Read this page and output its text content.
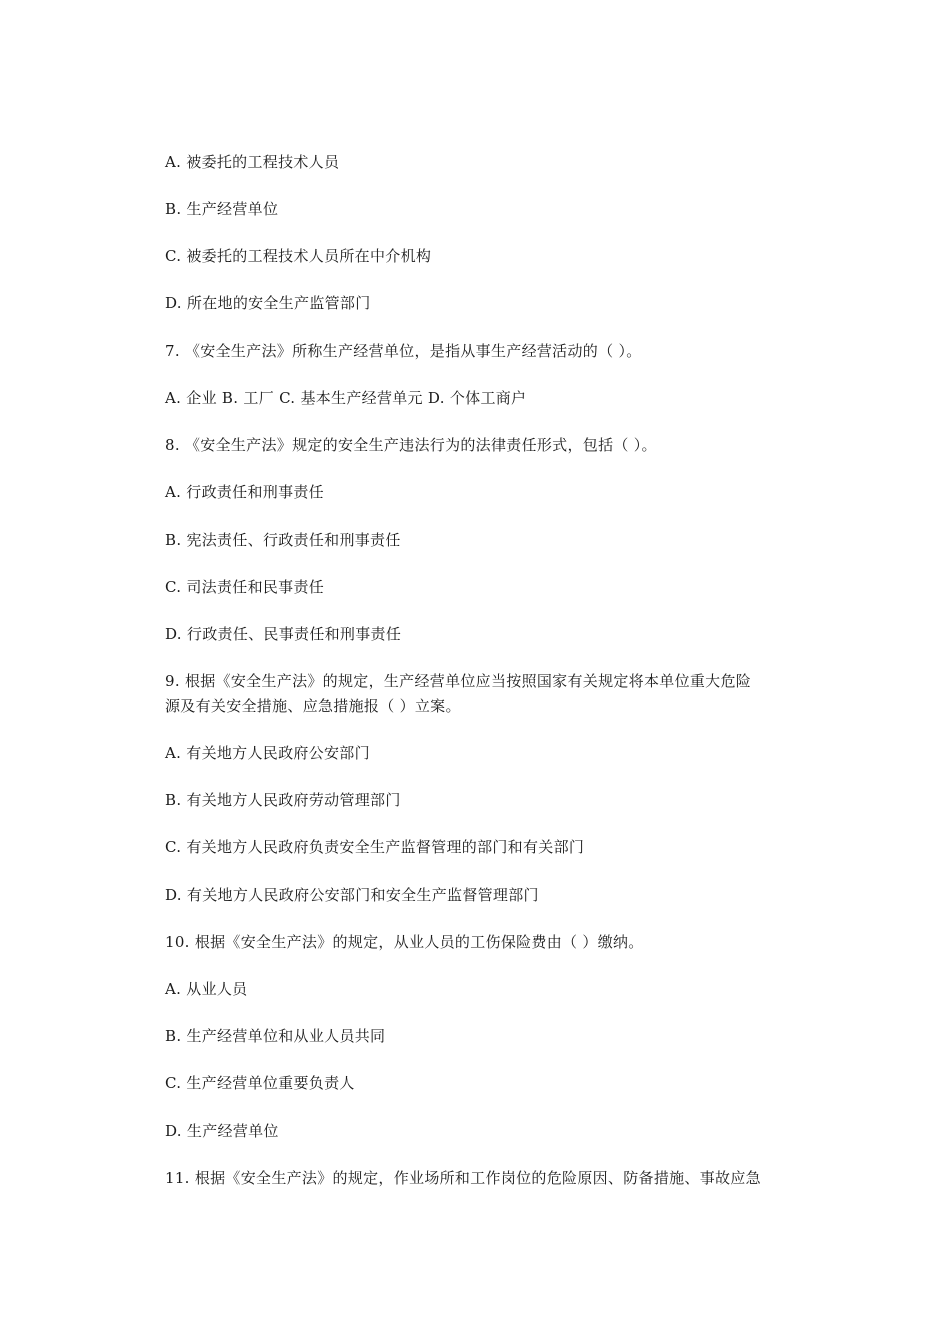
A. 被委托的工程技术人员
B. 生产经营单位
C. 被委托的工程技术人员所在中介机构
D. 所在地的安全生产监管部门
7. 《安全生产法》所称生产经营单位，是指从事生产经营活动的（ ）。
A. 企业 B. 工厂 C. 基本生产经营单元 D. 个体工商户
8. 《安全生产法》规定的安全生产违法行为的法律责任形式，包括（ ）。
A. 行政责任和刑事责任
B. 宪法责任、行政责任和刑事责任
C. 司法责任和民事责任
D. 行政责任、民事责任和刑事责任
9. 根据《安全生产法》的规定，生产经营单位应当按照国家有关规定将本单位重大危险
源及有关安全措施、应急措施报（ ）立案。
A. 有关地方人民政府公安部门
B. 有关地方人民政府劳动管理部门
C. 有关地方人民政府负责安全生产监督管理的部门和有关部门
D. 有关地方人民政府公安部门和安全生产监督管理部门
10. 根据《安全生产法》的规定，从业人员的工伤保险费由（ ）缴纳。
A. 从业人员
B. 生产经营单位和从业人员共同
C. 生产经营单位重要负责人
D. 生产经营单位
11. 根据《安全生产法》的规定，作业场所和工作岗位的危险原因、防备措施、事故应急
